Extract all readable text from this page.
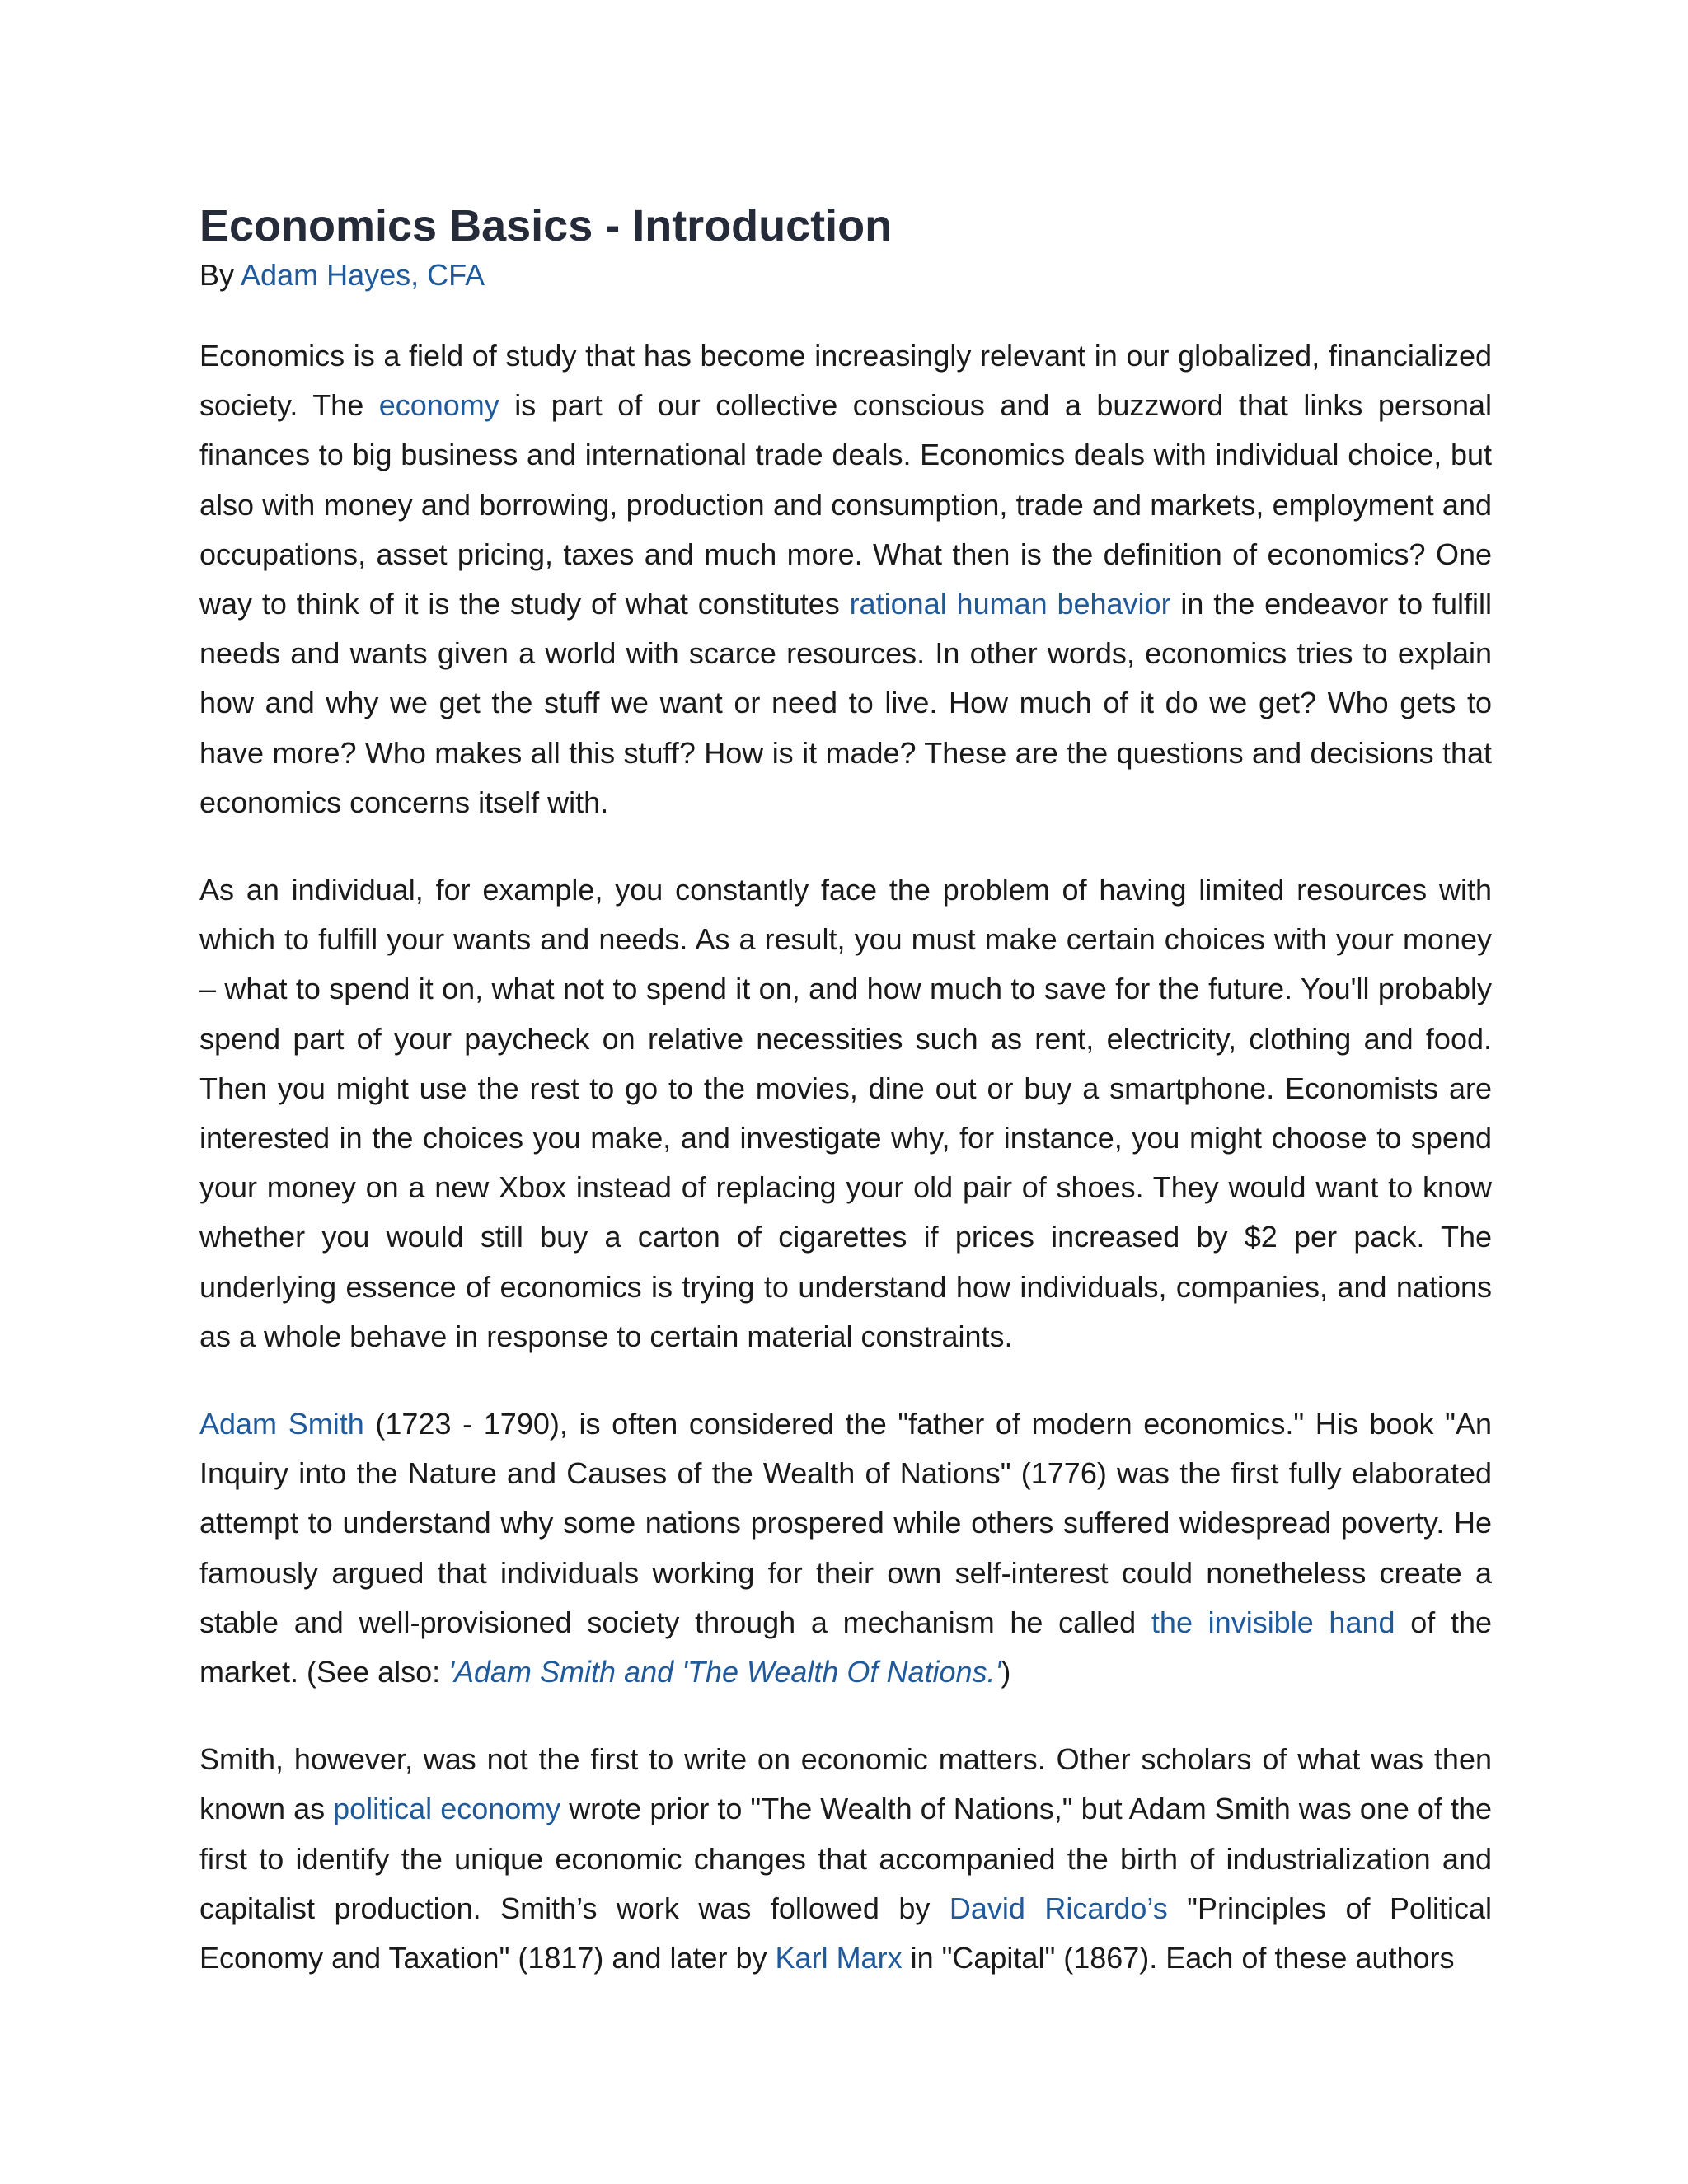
Economics Basics - Introduction

By Adam Hayes, CFA

Economics is a field of study that has become increasingly relevant in our globalized, financialized society. The economy is part of our collective conscious and a buzzword that links personal finances to big business and international trade deals. Economics deals with individual choice, but also with money and borrowing, production and consumption, trade and markets, employment and occupations, asset pricing, taxes and much more. What then is the definition of economics? One way to think of it is the study of what constitutes rational human behavior in the endeavor to fulfill needs and wants given a world with scarce resources. In other words, economics tries to explain how and why we get the stuff we want or need to live. How much of it do we get? Who gets to have more? Who makes all this stuff? How is it made? These are the questions and decisions that economics concerns itself with.

As an individual, for example, you constantly face the problem of having limited resources with which to fulfill your wants and needs. As a result, you must make certain choices with your money – what to spend it on, what not to spend it on, and how much to save for the future. You'll probably spend part of your paycheck on relative necessities such as rent, electricity, clothing and food. Then you might use the rest to go to the movies, dine out or buy a smartphone. Economists are interested in the choices you make, and investigate why, for instance, you might choose to spend your money on a new Xbox instead of replacing your old pair of shoes. They would want to know whether you would still buy a carton of cigarettes if prices increased by $2 per pack. The underlying essence of economics is trying to understand how individuals, companies, and nations as a whole behave in response to certain material constraints.

Adam Smith (1723 - 1790), is often considered the "father of modern economics." His book "An Inquiry into the Nature and Causes of the Wealth of Nations" (1776) was the first fully elaborated attempt to understand why some nations prospered while others suffered widespread poverty. He famously argued that individuals working for their own self-interest could nonetheless create a stable and well-provisioned society through a mechanism he called the invisible hand of the market. (See also: 'Adam Smith and 'The Wealth Of Nations.')

Smith, however, was not the first to write on economic matters. Other scholars of what was then known as political economy wrote prior to "The Wealth of Nations," but Adam Smith was one of the first to identify the unique economic changes that accompanied the birth of industrialization and capitalist production. Smith’s work was followed by David Ricardo’s "Principles of Political Economy and Taxation" (1817) and later by Karl Marx in "Capital" (1867). Each of these authors
